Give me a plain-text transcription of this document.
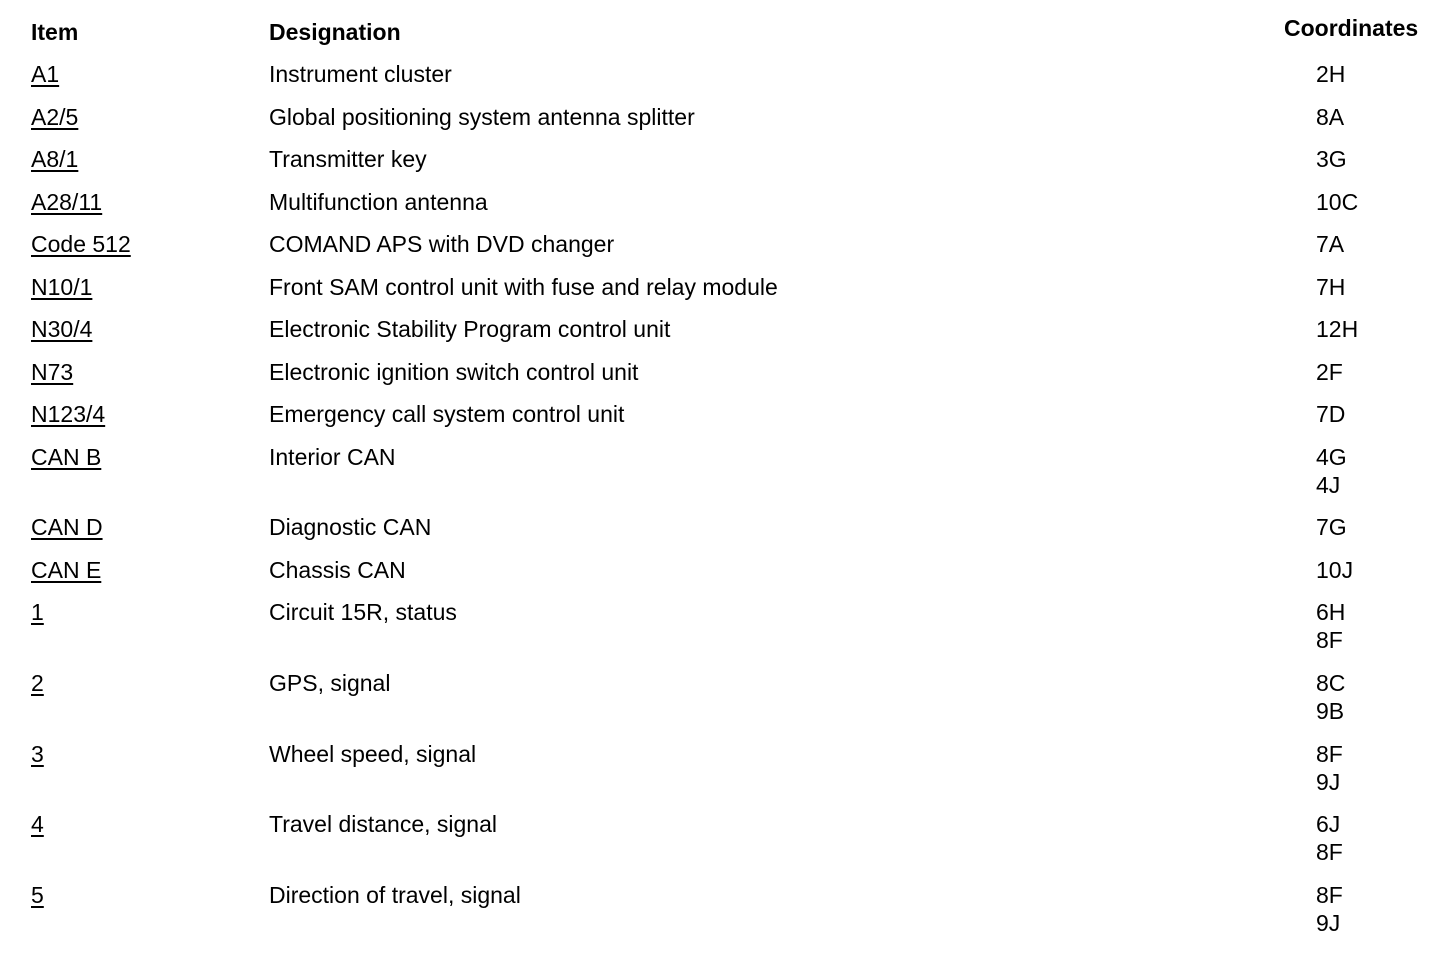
Item	Designation	Coordinates
A1	Instrument cluster	2H
A2/5	Global positioning system antenna splitter	8A
A8/1	Transmitter key	3G
A28/11	Multifunction antenna	10C
Code 512	COMAND APS with DVD changer	7A
N10/1	Front SAM control unit with fuse and relay module	7H
N30/4	Electronic Stability Program control unit	12H
N73	Electronic ignition switch control unit	2F
N123/4	Emergency call system control unit	7D
CAN B	Interior CAN	4G
4J
CAN D	Diagnostic CAN	7G
CAN E	Chassis CAN	10J
1	Circuit 15R, status	6H
8F
2	GPS, signal	8C
9B
3	Wheel speed, signal	8F
9J
4	Travel distance, signal	6J
8F
5	Direction of travel, signal	8F
9J
